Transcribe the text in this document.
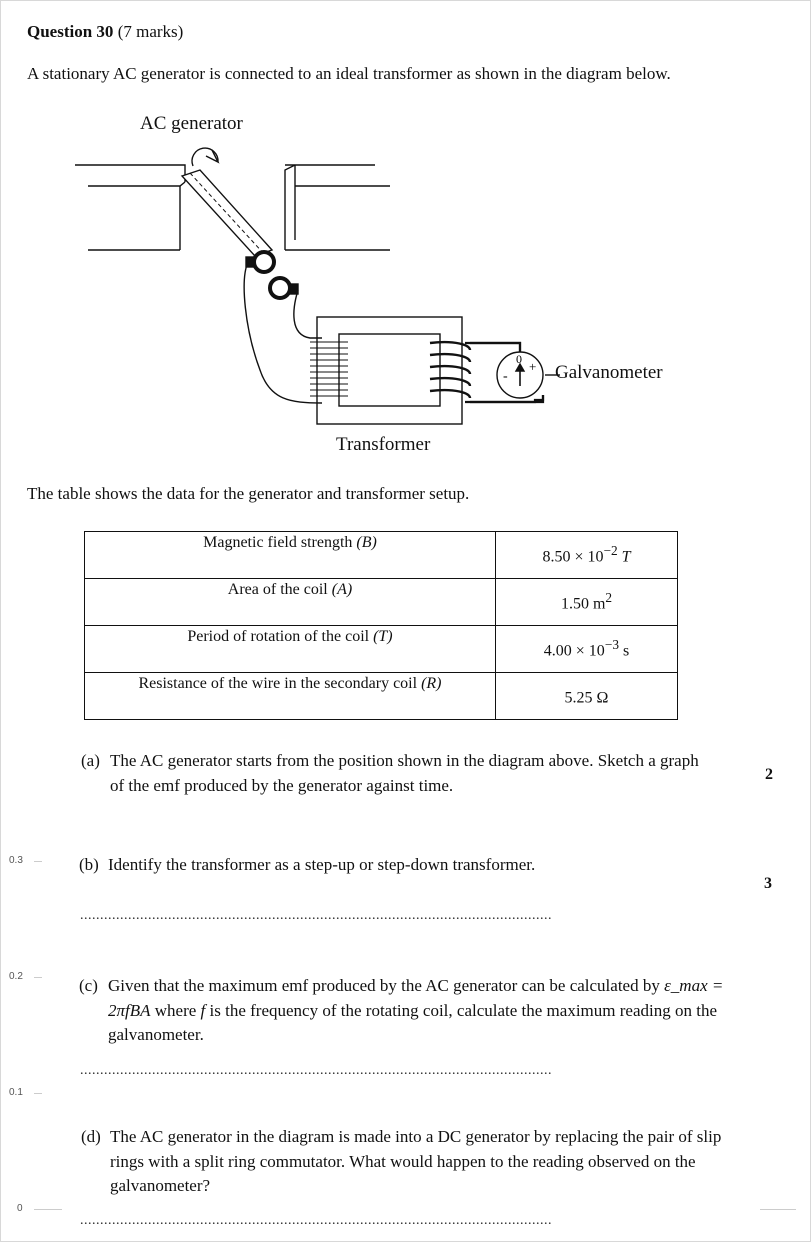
Question 30 (7 marks)
A stationary AC generator is connected to an ideal transformer as shown in the diagram below.
0
-
+
AC generator
Galvanometer
Transformer
The table shows the data for the generator and transformer setup.
Magnetic field strength (B)	$8.50 \times 10^{-2}$ T
Area of the coil (A)	1.50 $m^2$
Period of rotation of the coil (T)	$4.00 \times 10^{-3}$ s
Resistance of the wire in the secondary coil (R)	5.25 Ω
(a) The AC generator starts from the position shown in the diagram above. Sketch a graph of the emf produced by the generator against time.
2
(b) Identify the transformer as a step-up or step-down transformer.
3
......................................................................................................................
(c) Given that the maximum emf produced by the AC generator can be calculated by ε_max = 2πfBA where f is the frequency of the rotating coil, calculate the maximum reading on the galvanometer.
......................................................................................................................
(d) The AC generator in the diagram is made into a DC generator by replacing the pair of slip rings with a split ring commutator. What would happen to the reading observed on the galvanometer?
......................................................................................................................
0.3
0.2
0.1
0
